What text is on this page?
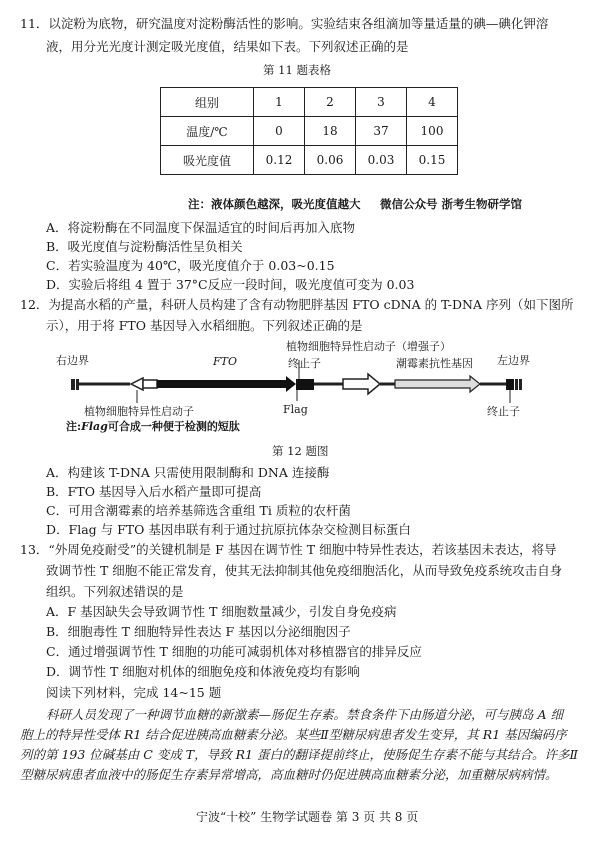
11．以淀粉为底物，研究温度对淀粉酶活性的影响。实验结束各组滴加等量适量的碘—碘化钾溶
液，用分光光度计测定吸光度值，结果如下表。下列叙述正确的是
第 11 题表格
组别	1	2	3	4
温度/℃	0	18	37	100
吸光度值	0.12	0.06	0.03	0.15
注：液体颜色越深，吸光度值越大 微信公众号 浙考生物研学馆
A．将淀粉酶在不同温度下保温适宜的时间后再加入底物
B．吸光度值与淀粉酶活性呈负相关
C．若实验温度为 40℃，吸光度值介于 0.03~0.15
D．实验后将组 4 置于 37°C反应一段时间，吸光度值可变为 0.03
12．为提高水稻的产量，科研人员构建了含有动物肥胖基因 FTO cDNA 的 T-DNA 序列（如下图所
示），用于将 FTO 基因导入水稻细胞。下列叙述正确的是
植物细胞特异性启动子（增强子）
右边界	FTO	终止子	潮霉素抗性基因 左边界
植物细胞特异性启动子	Flag	终止子
注:Flag可合成一种便于检测的短肽
第 12 题图
A．构建该 T-DNA 只需使用限制酶和 DNA 连接酶
B．FTO 基因导入后水稻产量即可提高
C．可用含潮霉素的培养基筛选含重组 Ti 质粒的农杆菌
D．Flag 与 FTO 基因串联有利于通过抗原抗体杂交检测目标蛋白
13．“外周免疫耐受”的关键机制是 F 基因在调节性 T 细胞中特异性表达，若该基因未表达，将导
致调节性 T 细胞不能正常发育，使其无法抑制其他免疫细胞活化，从而导致免疫系统攻击自身
组织。下列叙述错误的是
A．F 基因缺失会导致调节性 T 细胞数量减少，引发自身免疫病
B．细胞毒性 T 细胞特异性表达 F 基因以分泌细胞因子
C．通过增强调节性 T 细胞的功能可减弱机体对移植器官的排异反应
D．调节性 T 细胞对机体的细胞免疫和体液免疫均有影响
阅读下列材料，完成 14~15 题
科研人员发现了一种调节血糖的新激素—肠促生存素。禁食条件下由肠道分泌，可与胰岛 A 细
胞上的特异性受体 R1 结合促进胰高血糖素分泌。某些Ⅱ型糖尿病患者发生变异，其 R1 基因编码序
列的第 193 位碱基由 C 变成 T，导致 R1 蛋白的翻译提前终止，使肠促生存素不能与其结合。许多Ⅱ
型糖尿病患者血液中的肠促生存素异常增高，高血糖时仍促进胰高血糖素分泌，加重糖尿病病情。
宁波“十校” 生物学试题卷 第 3 页 共 8 页
